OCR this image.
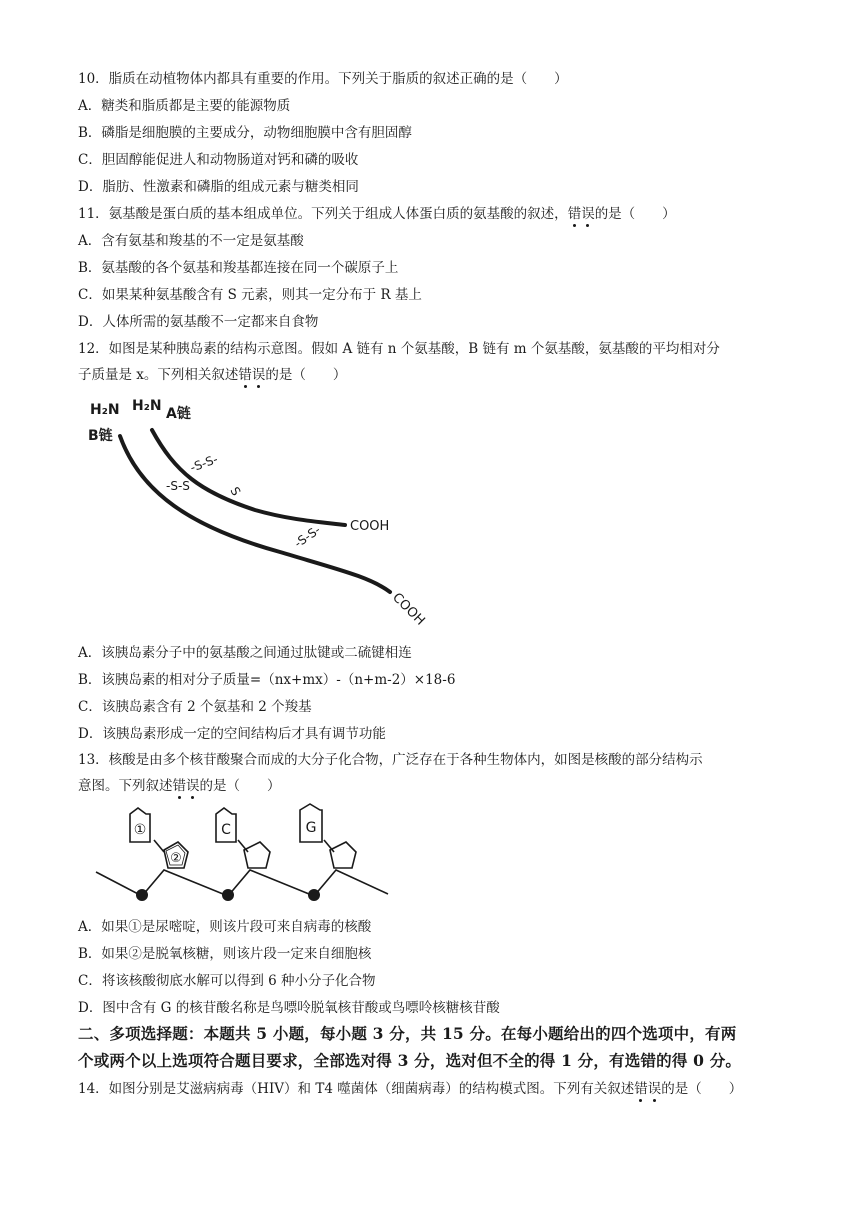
10．脂质在动植物体内都具有重要的作用。下列关于脂质的叙述正确的是（　　）
A．糖类和脂质都是主要的能源物质
B．磷脂是细胞膜的主要成分，动物细胞膜中含有胆固醇
C．胆固醇能促进人和动物肠道对钙和磷的吸收
D．脂肪、性激素和磷脂的组成元素与糖类相同
11．氨基酸是蛋白质的基本组成单位。下列关于组成人体蛋白质的氨基酸的叙述，错误的是（　　）
A．含有氨基和羧基的不一定是氨基酸
B．氨基酸的各个氨基和羧基都连接在同一个碳原子上
C．如果某种氨基酸含有 S 元素，则其一定分布于 R 基上
D．人体所需的氨基酸不一定都来自食物
12．如图是某种胰岛素的结构示意图。假如 A 链有 n 个氨基酸，B 链有 m 个氨基酸，氨基酸的平均相对分
子质量是 x。下列相关叙述错误的是（　　）
H₂N H₂N A链
B链
-S-S-
S
-S-S
-S-S- COOH
COOH
A．该胰岛素分子中的氨基酸之间通过肽键或二硫键相连
B．该胰岛素的相对分子质量=（nx+mx）-（n+m-2）×18-6
C．该胰岛素含有 2 个氨基和 2 个羧基
D．该胰岛素形成一定的空间结构后才具有调节功能
13．核酸是由多个核苷酸聚合而成的大分子化合物，广泛存在于各种生物体内，如图是核酸的部分结构示
意图。下列叙述错误的是（　　）
②
①	C	G
A．如果①是尿嘧啶，则该片段可来自病毒的核酸
B．如果②是脱氧核糖，则该片段一定来自细胞核
C．将该核酸彻底水解可以得到 6 种小分子化合物
D．图中含有 G 的核苷酸名称是鸟嘌呤脱氧核苷酸或鸟嘌呤核糖核苷酸
二、多项选择题：本题共 5 小题，每小题 3 分，共 15 分。在每小题给出的四个选项中，有两
个或两个以上选项符合题目要求，全部选对得 3 分，选对但不全的得 1 分，有选错的得 0 分。
14．如图分别是艾滋病病毒（HIV）和 T4 噬菌体（细菌病毒）的结构模式图。下列有关叙述错误的是（　　）
